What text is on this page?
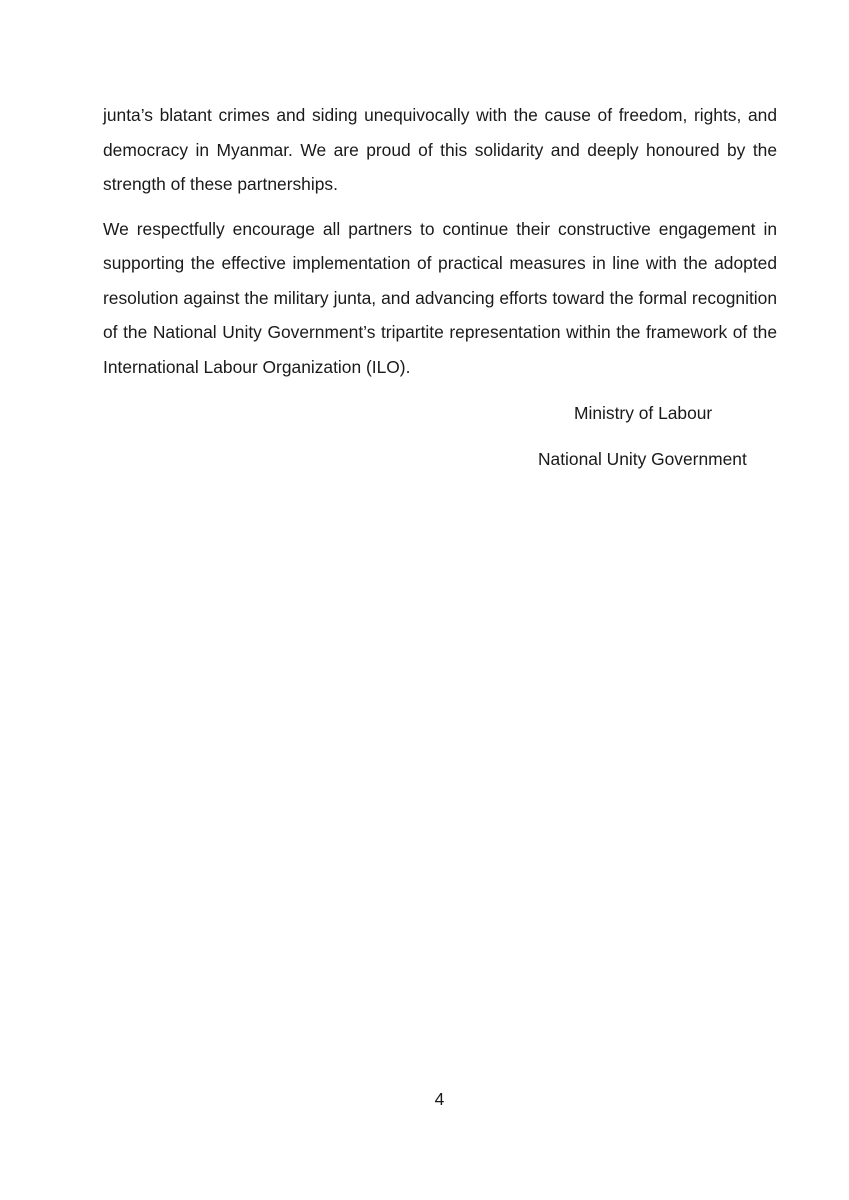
junta’s blatant crimes and siding unequivocally with the cause of freedom, rights, and democracy in Myanmar. We are proud of this solidarity and deeply honoured by the strength of these partnerships.

We respectfully encourage all partners to continue their constructive engagement in supporting the effective implementation of practical measures in line with the adopted resolution against the military junta, and advancing efforts toward the formal recognition of the National Unity Government’s tripartite representation within the framework of the International Labour Organization (ILO).

Ministry of Labour
National Unity Government
4
